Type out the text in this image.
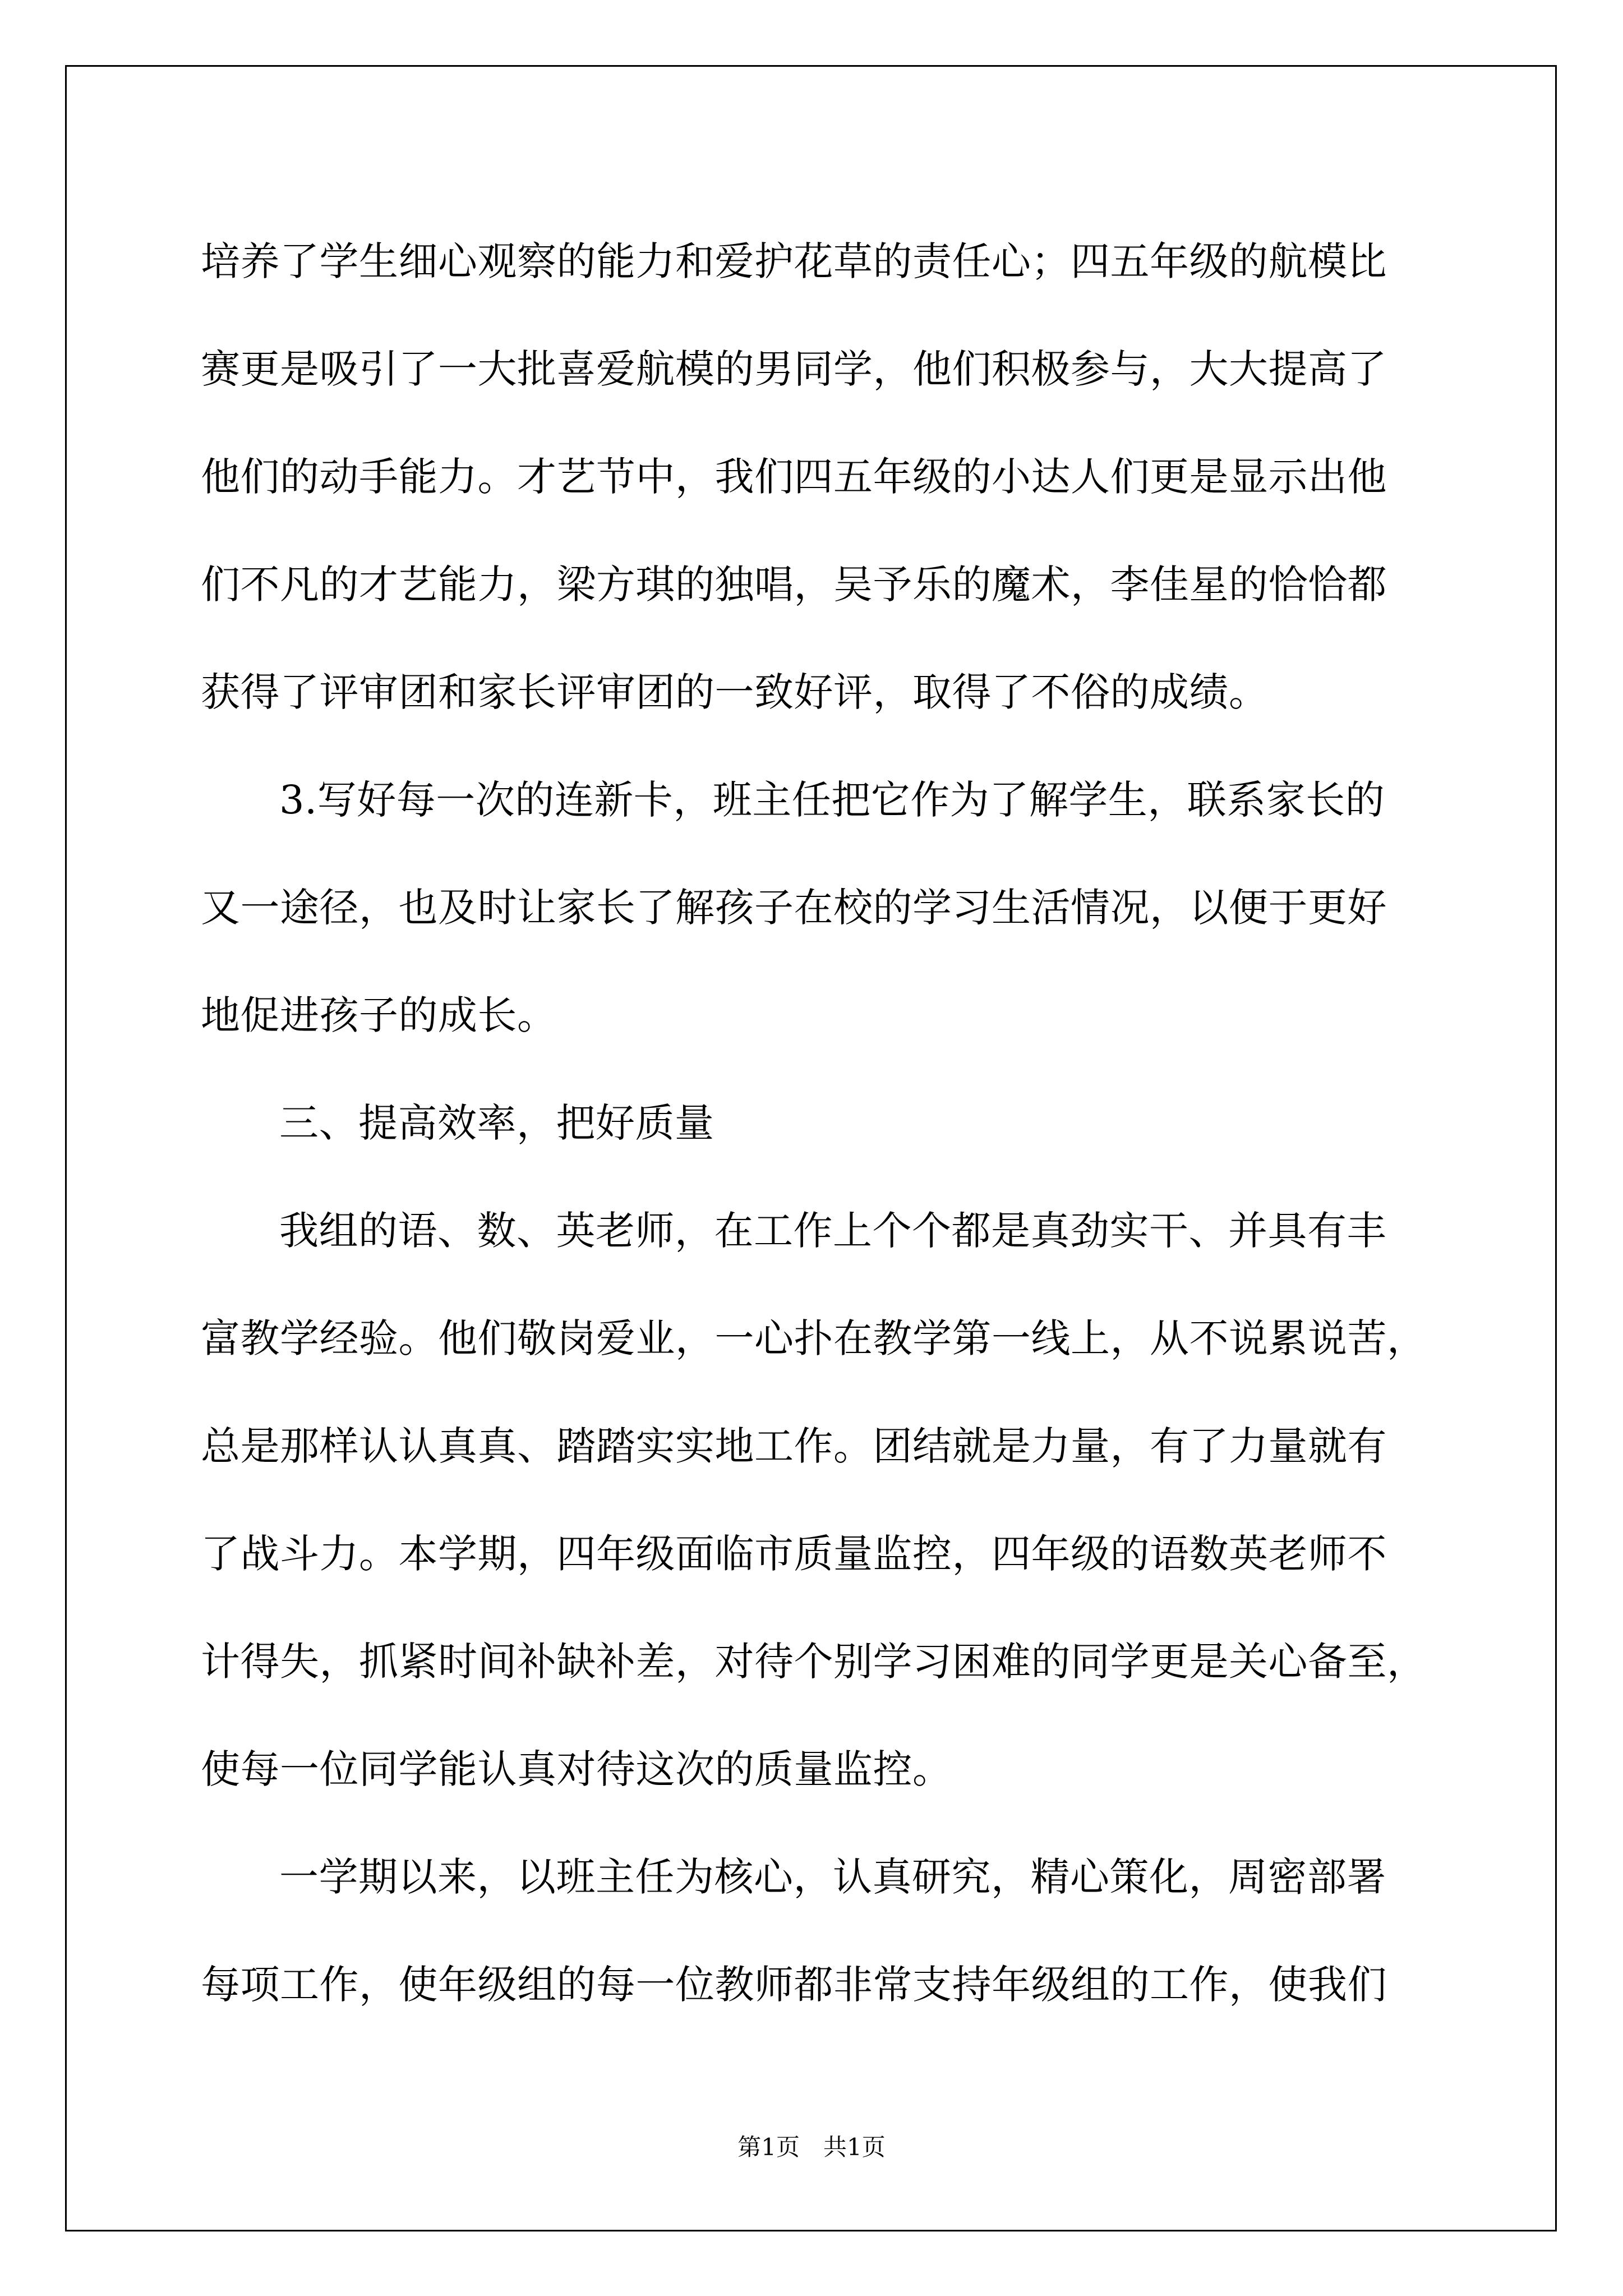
培养了学生细心观察的能力和爱护花草的责任心；四五年级的航模比
赛更是吸引了一大批喜爱航模的男同学，他们积极参与，大大提高了
他们的动手能力。才艺节中，我们四五年级的小达人们更是显示出他
们不凡的才艺能力，梁方琪的独唱，吴予乐的魔术，李佳星的恰恰都
获得了评审团和家长评审团的一致好评，取得了不俗的成绩。
3.写好每一次的连新卡，班主任把它作为了解学生，联系家长的
又一途径，也及时让家长了解孩子在校的学习生活情况，以便于更好
地促进孩子的成长。
三、提高效率，把好质量
我组的语、数、英老师，在工作上个个都是真劲实干、并具有丰
富教学经验。他们敬岗爱业，一心扑在教学第一线上，从不说累说苦，
总是那样认认真真、踏踏实实地工作。团结就是力量，有了力量就有
了战斗力。本学期，四年级面临市质量监控，四年级的语数英老师不
计得失，抓紧时间补缺补差，对待个别学习困难的同学更是关心备至，
使每一位同学能认真对待这次的质量监控。
一学期以来，以班主任为核心，认真研究，精心策化，周密部署
每项工作，使年级组的每一位教师都非常支持年级组的工作，使我们
第1页　共1页
